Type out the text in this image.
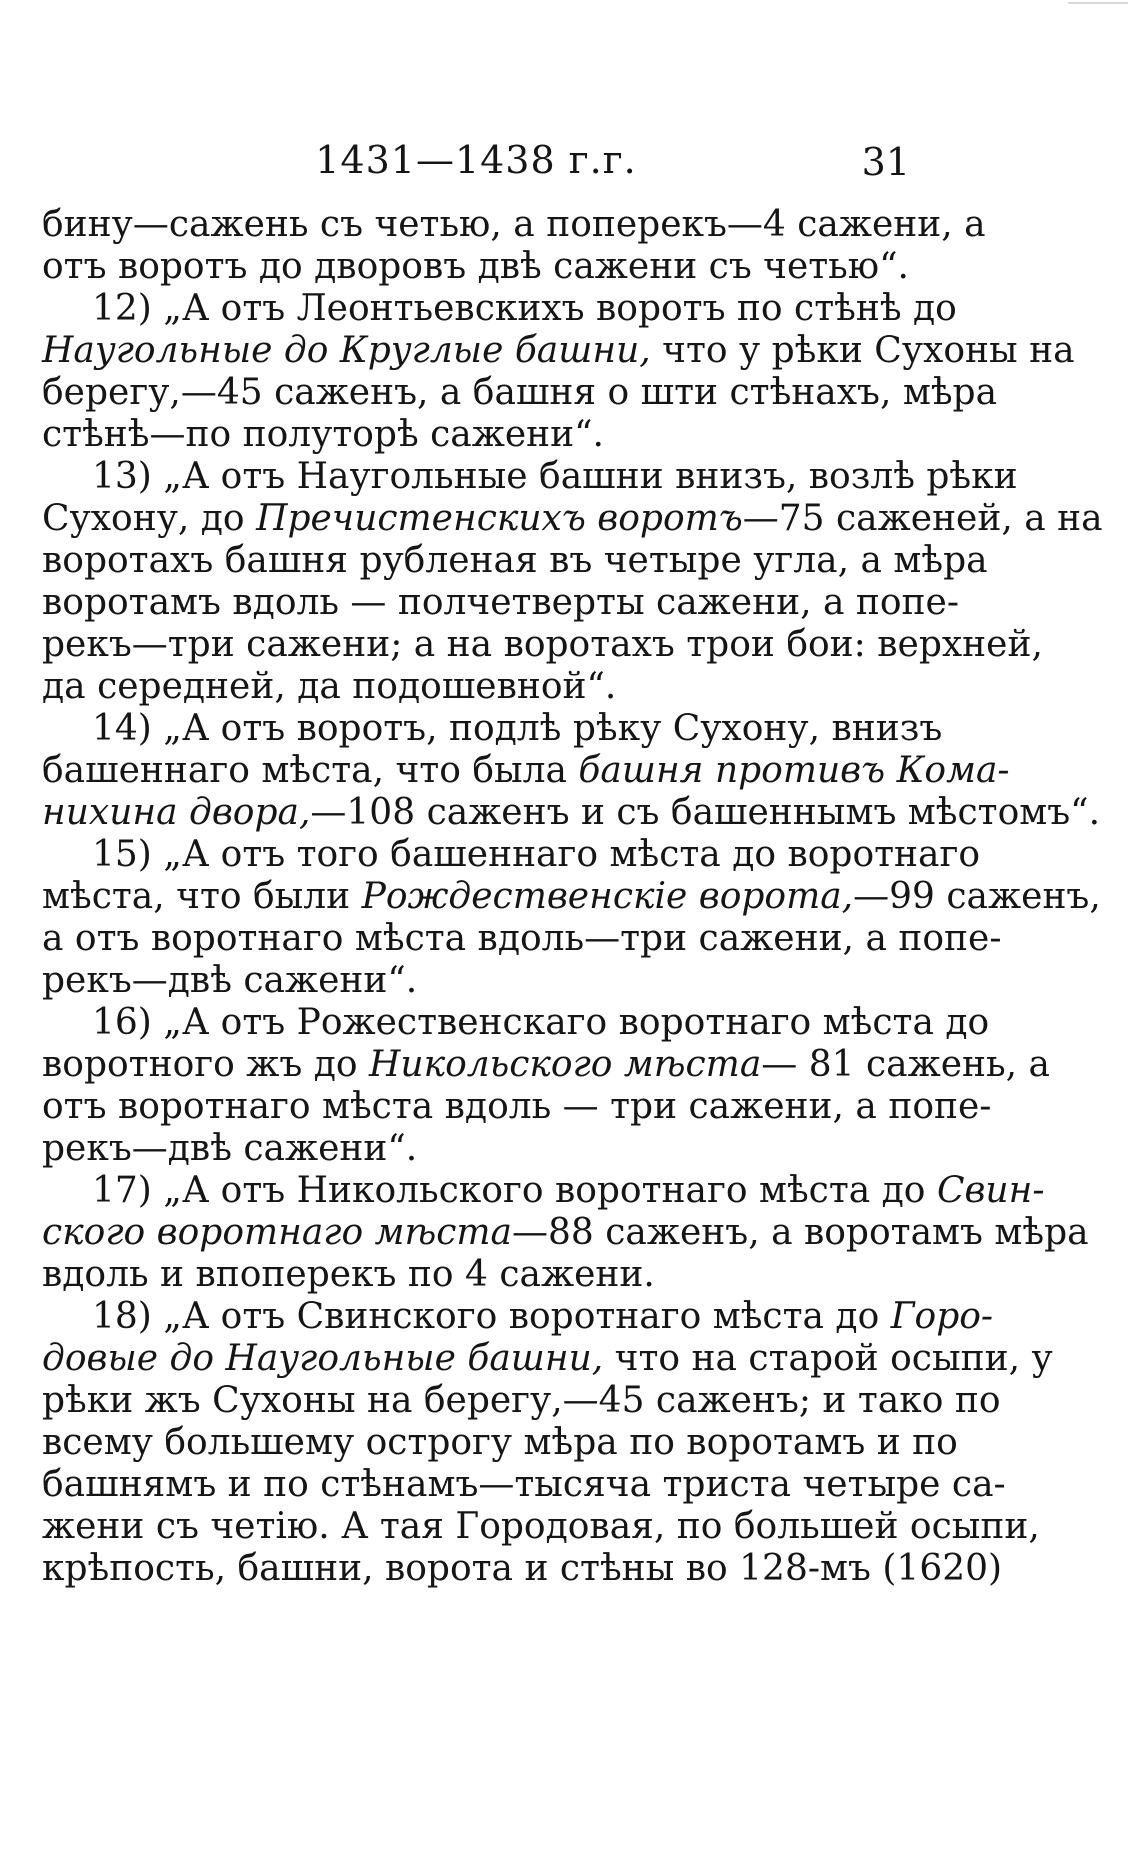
1431—1438 г.г.	31
бину—сажень съ четью, а поперекъ—4 сажени, а
отъ воротъ до дворовъ двѣ сажени съ четью“.
12) „А отъ Леонтьевскихъ воротъ по стѣнѣ до
Наугольные до Круглые башни, что у рѣки Сухоны на
берегу,—45 саженъ, а башня о шти стѣнахъ, мѣра
стѣнѣ—по полуторѣ сажени“.
13) „А отъ Наугольные башни внизъ, возлѣ рѣки
Сухону, до Пречистенскихъ воротъ—75 саженей, а на
воротахъ башня рубленая въ четыре угла, а мѣра
воротамъ вдоль — полчетверты сажени, а попе-
рекъ—три сажени; а на воротахъ трои бои: верхней,
да середней, да подошевной“.
14) „А отъ воротъ, подлѣ рѣку Сухону, внизъ
башеннаго мѣста, что была башня противъ Кома-
нихина двора,—108 саженъ и съ башеннымъ мѣстомъ“.
15) „А отъ того башеннаго мѣста до воротнаго
мѣста, что были Рождественскіе ворота,—99 саженъ,
а отъ воротнаго мѣста вдоль—три сажени, а попе-
рекъ—двѣ сажени“.
16) „А отъ Рожественскаго воротнаго мѣста до
воротного жъ до Никольского мѣста— 81 сажень, а
отъ воротнаго мѣста вдоль — три сажени, а попе-
рекъ—двѣ сажени“.
17) „А отъ Никольского воротнаго мѣста до Свин-
ского воротнаго мѣста—88 саженъ, а воротамъ мѣра
вдоль и впоперекъ по 4 сажени.
18) „А отъ Свинского воротнаго мѣста до Горо-
довые до Наугольные башни, что на старой осыпи, у
рѣки жъ Сухоны на берегу,—45 саженъ; и тако по
всему большему острогу мѣра по воротамъ и по
башнямъ и по стѣнамъ—тысяча триста четыре са-
жени съ четію. А тая Городовая, по большей осыпи,
крѣпость, башни, ворота и стѣны во 128-мъ (1620)
